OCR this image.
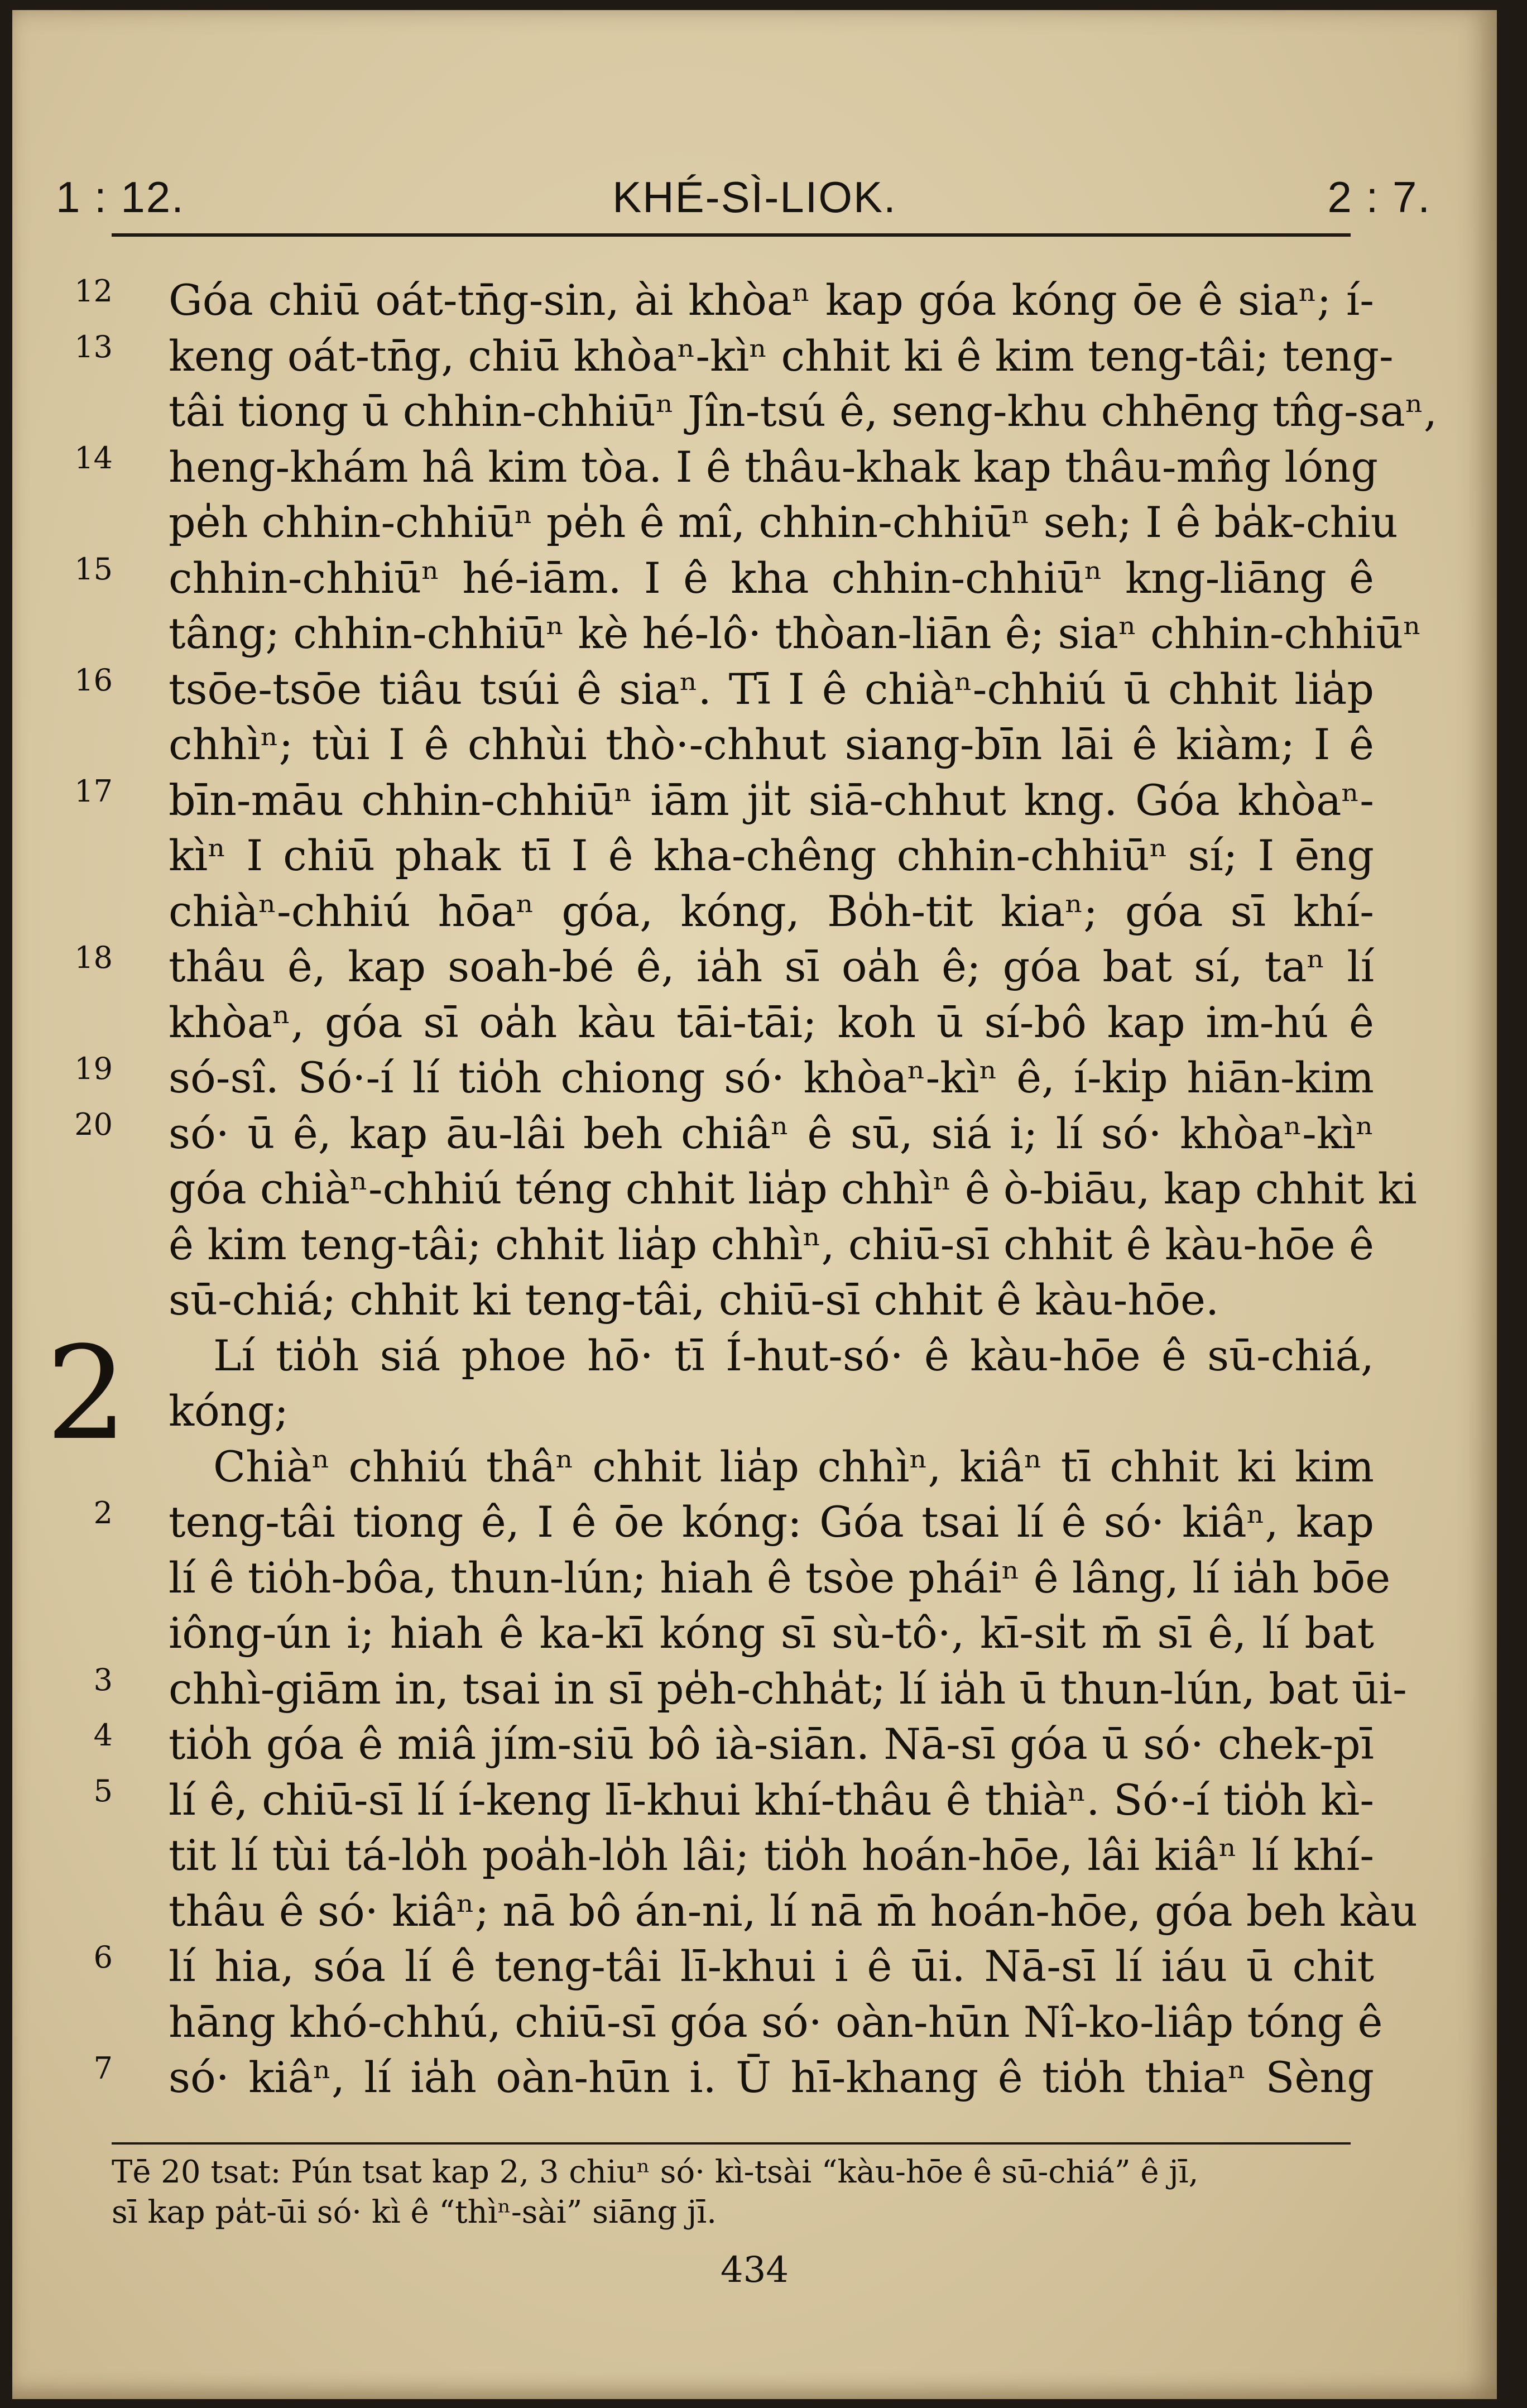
1 : 12.	KHÉ-SÌ-LIOK.	2 : 7.
2
12 Góa chiū oát-tn̄g-sin, ài khòaⁿ kap góa kóng ōe ê siaⁿ; í-
13 keng oát-tn̄g, chiū khòaⁿ-kìⁿ chhit ki ê kim teng-tâi; teng-
tâi tiong ū chhin-chhiūⁿ Jîn-tsú ê, seng-khu chhēng tn̂g-saⁿ,
14 heng-khám hâ kim tòa. I ê thâu-khak kap thâu-mn̂g lóng
pe̍h chhin-chhiūⁿ pe̍h ê mî, chhin-chhiūⁿ seh; I ê ba̍k-chiu
15 chhin-chhiūⁿ hé-iām. I ê kha chhin-chhiūⁿ kng-liāng ê
tâng; chhin-chhiūⁿ kè hé-lô· thòan-liān ê; siaⁿ chhin-chhiūⁿ
16 tsōe-tsōe tiâu tsúi ê siaⁿ. Tī I ê chiàⁿ-chhiú ū chhit lia̍p
chhìⁿ; tùi I ê chhùi thò·-chhut siang-bīn lāi ê kiàm; I ê
17 bīn-māu chhin-chhiūⁿ iām ji̍t siā-chhut kng. Góa khòaⁿ-
kìⁿ I chiū phak tī I ê kha-chêng chhin-chhiūⁿ sí; I ēng
chiàⁿ-chhiú hōaⁿ góa, kóng, Bo̍h-tit kiaⁿ; góa sī khí-
18 thâu ê, kap soah-bé ê, ia̍h sī oa̍h ê; góa bat sí, taⁿ lí
khòaⁿ, góa sī oa̍h kàu tāi-tāi; koh ū sí-bô kap im-hú ê
19 só-sî. Só·-í lí tio̍h chiong só· khòaⁿ-kìⁿ ê, í-ki̍p hiān-kim
20 só· ū ê, kap āu-lâi beh chiâⁿ ê sū, siá i; lí só· khòaⁿ-kìⁿ
góa chiàⁿ-chhiú téng chhit lia̍p chhìⁿ ê ò-biāu, kap chhit ki
ê kim teng-tâi; chhit lia̍p chhìⁿ, chiū-sī chhit ê kàu-hōe ê
sū-chiá; chhit ki teng-tâi, chiū-sī chhit ê kàu-hōe.
Lí tio̍h siá phoe hō· tī Í-hut-só· ê kàu-hōe ê sū-chiá,
kóng;
Chiàⁿ chhiú thâⁿ chhit lia̍p chhìⁿ, kiâⁿ tī chhit ki kim
2 teng-tâi tiong ê, I ê ōe kóng: Góa tsai lí ê só· kiâⁿ, kap
lí ê tio̍h-bôa, thun-lún; hiah ê tsòe pháiⁿ ê lâng, lí ia̍h bōe
iông-ún i; hiah ê ka-kī kóng sī sù-tô·, kī-si̍t m̄ sī ê, lí bat
3 chhì-giām in, tsai in sī pe̍h-chha̍t; lí ia̍h ū thun-lún, bat ūi-
4 tio̍h góa ê miâ jím-siū bô ià-siān. Nā-sī góa ū só· chek-pī
5 lí ê, chiū-sī lí í-keng lī-khui khí-thâu ê thiàⁿ. Só·-í tio̍h kì-
tit lí tùi tá-lo̍h poa̍h-lo̍h lâi; tio̍h hoán-hōe, lâi kiâⁿ lí khí-
thâu ê só· kiâⁿ; nā bô án-ni, lí nā m̄ hoán-hōe, góa beh kàu
6 lí hia, sóa lí ê teng-tâi lī-khui i ê ūi. Nā-sī lí iáu ū chit
hāng khó-chhú, chiū-sī góa só· oàn-hūn Nî-ko-liâp tóng ê
7 só· kiâⁿ, lí ia̍h oàn-hūn i. Ū hī-khang ê tio̍h thiaⁿ Sèng
Tē 20 tsat: Pún tsat kap 2, 3 chiuⁿ só· kì-tsài “kàu-hōe ê sū-chiá” ê jī,
sī kap pa̍t-ūi só· kì ê “thìⁿ-sài” siāng jī.
434
